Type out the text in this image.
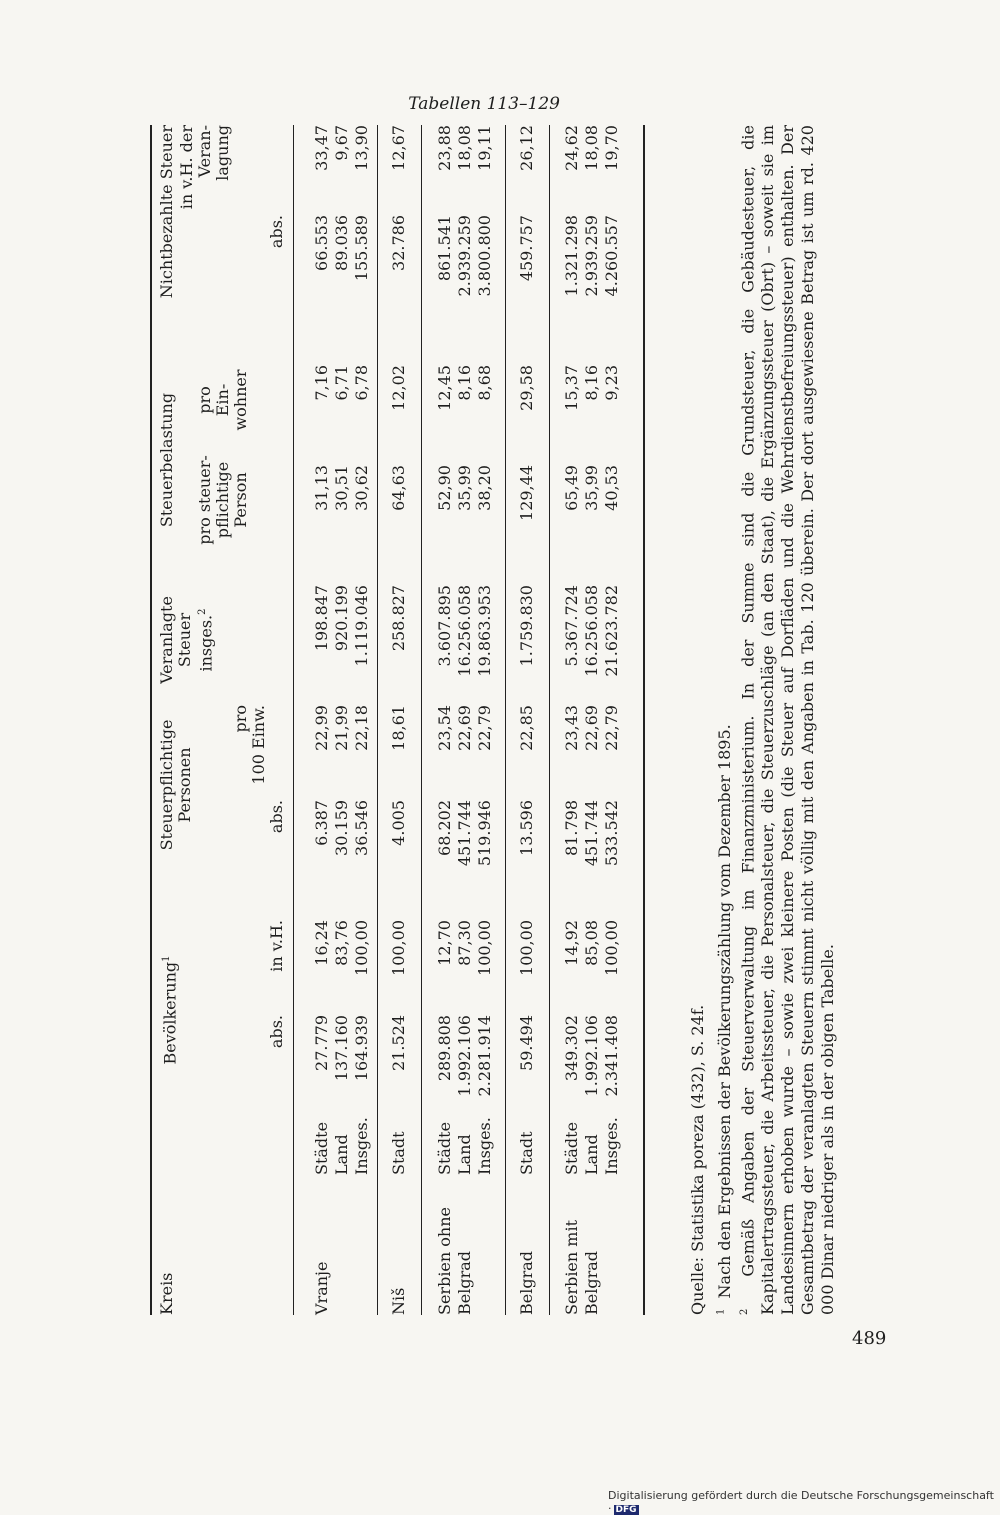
Tabellen 113–129
Kreis
Bevölkerung$^1$
abs.
in v.H.
Steuerpflichtige
Personen	abs.
pro
100 Einw.
Veranlagte
Steuer
insges.$^2$
Steuerbelastung
pro steuer-
pflichtige
Person
pro
Ein-
wohner
Nichtbezahlte Steuer	abs.
in v.H. der
Veran-
lagung
Vranje
Städte
Land
Insges.
27.779
137.160
164.939
16,24
83,76
100,00
6.387
30.159
36.546
22,99
21,99
22,18
198.847
920.199
1.119.046
31,13
30,51
30,62
7,16
6,71
6,78
66.553
89.036
155.589
33,47
9,67
13,90
Niš
Stadt
21.524
100,00
4.005
18,61
258.827
64,63
12,02
32.786
12,67
Serbien ohne
Belgrad
Städte
Land
Insges.
289.808
1.992.106
2.281.914
12,70
87,30
100,00
68.202
451.744
519.946
23,54
22,69
22,79
3.607.895
16.256.058
19.863.953
52,90
35,99
38,20
12,45
8,16
8,68
861.541
2.939.259
3.800.800
23,88
18,08
19,11
Belgrad
Stadt
59.494
100,00
13.596
22,85
1.759.830
129,44
29,58
459.757
26,12
Serbien mit
Belgrad
Städte
Land
Insges.
349.302
1.992.106
2.341.408
14,92
85,08
100,00
81.798
451.744
533.542
23,43
22,69
22,79
5.367.724
16.256.058
21.623.782
65,49
35,99
40,53
15,37
8,16
9,23
1.321.298
2.939.259
4.260.557
24,62
18,08
19,70
Quelle: Statistika poreza (432), S. 24f. $^1$  Nach den Ergebnissen der Bevölkerungszählung vom Dezember 1895.
$^2$  Gemäß Angaben der Steuerverwaltung im Finanzministerium. In der Summe sind die Grundsteuer, die Gebäudesteuer, die Kapitalertragssteuer, die Arbeitssteuer, die Personalsteuer, die Steuerzuschläge (an den Staat), die Ergänzungssteuer (Obrt) – soweit sie im Landesinnern erhoben wurde – sowie zwei kleinere Posten (die Steuer auf Dorfläden und die Wehrdienstbefreiungssteuer) enthalten. Der Gesamtbetrag der veranlagten Steuern stimmt nicht völlig mit den Angaben in Tab. 120 überein. Der dort ausgewiesene Betrag ist um rd. 420 000 Dinar niedriger als in der obigen Tabelle.
489
Digitalisierung gefördert durch die Deutsche Forschungsgemeinschaft · DFG
